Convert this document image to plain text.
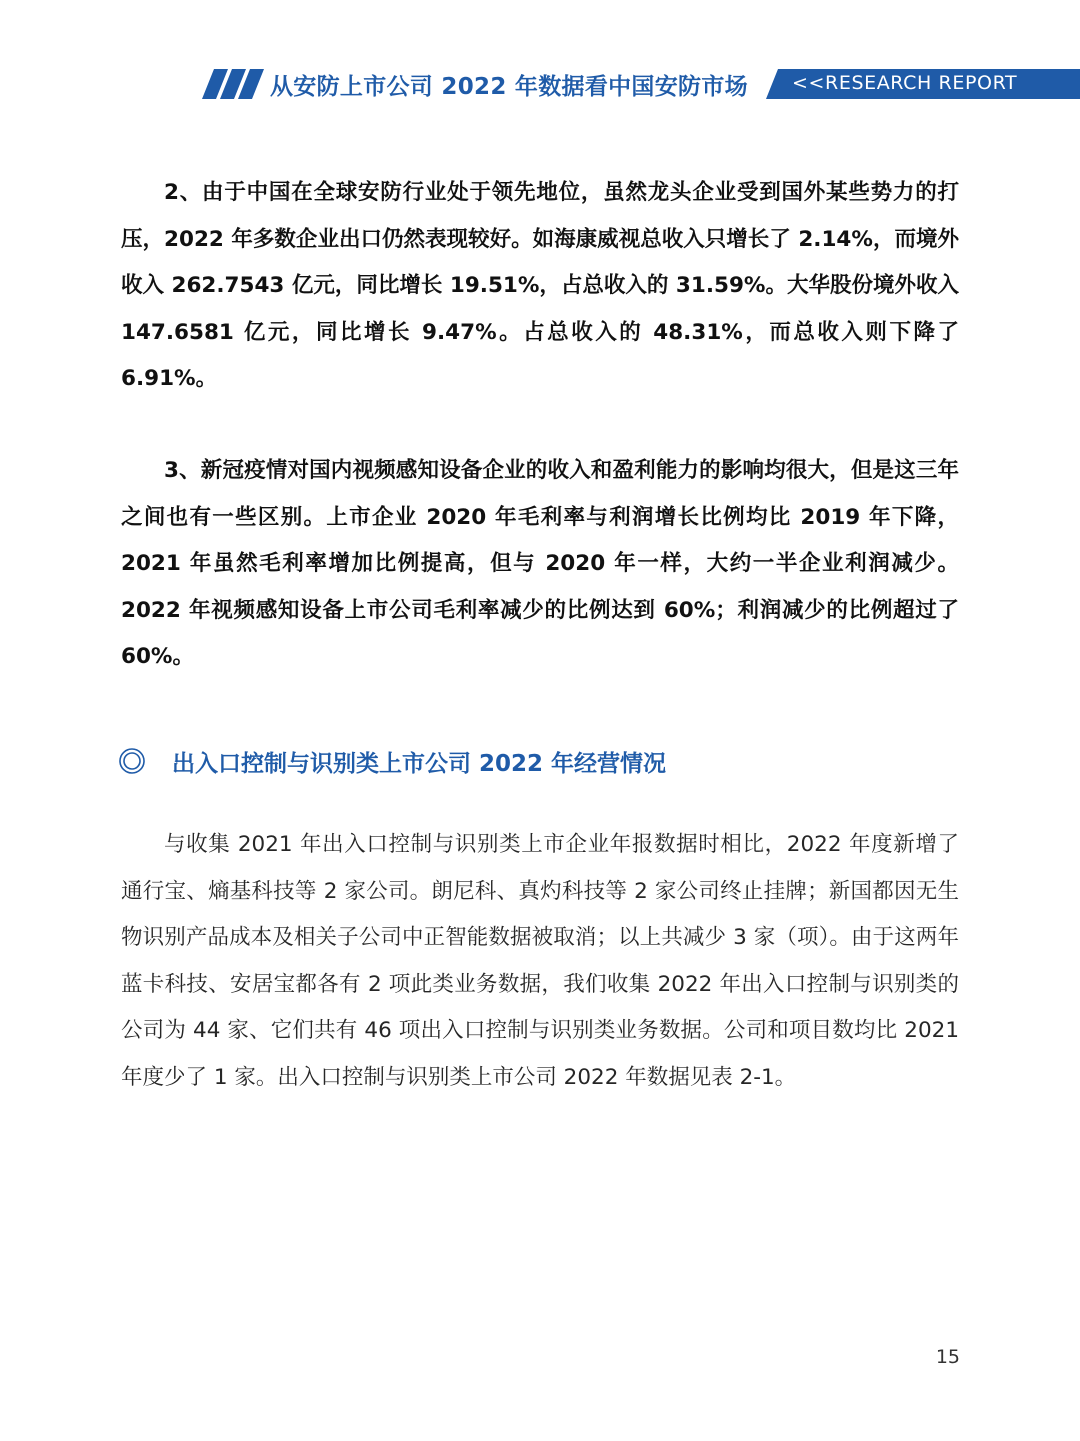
从安防上市公司 2022 年数据看中国安防市场 <<RESEARCH REPORT

2、由于中国在全球安防行业处于领先地位，虽然龙头企业受到国外某些势力的打压，2022 年多数企业出口仍然表现较好。如海康威视总收入只增长了 2.14%，而境外收入 262.7543 亿元，同比增长 19.51%，占总收入的 31.59%。大华股份境外收入 147.6581 亿元，同比增长 9.47%。占总收入的 48.31%，而总收入则下降了 6.91%。

3、新冠疫情对国内视频感知设备企业的收入和盈利能力的影响均很大，但是这三年之间也有一些区别。上市企业 2020 年毛利率与利润增长比例均比 2019 年下降，2021 年虽然毛利率增加比例提高，但与 2020 年一样，大约一半企业利润减少。2022 年视频感知设备上市公司毛利率减少的比例达到 60%；利润减少的比例超过了 60%。

出入口控制与识别类上市公司 2022 年经营情况

与收集 2021 年出入口控制与识别类上市企业年报数据时相比，2022 年度新增了通行宝、熵基科技等 2 家公司。朗尼科、真灼科技等 2 家公司终止挂牌；新国都因无生物识别产品成本及相关子公司中正智能数据被取消；以上共减少 3 家（项）。由于这两年蓝卡科技、安居宝都各有 2 项此类业务数据，我们收集 2022 年出入口控制与识别类的公司为 44 家、它们共有 46 项出入口控制与识别类业务数据。公司和项目数均比 2021 年度少了 1 家。出入口控制与识别类上市公司 2022 年数据见表 2-1。

15
